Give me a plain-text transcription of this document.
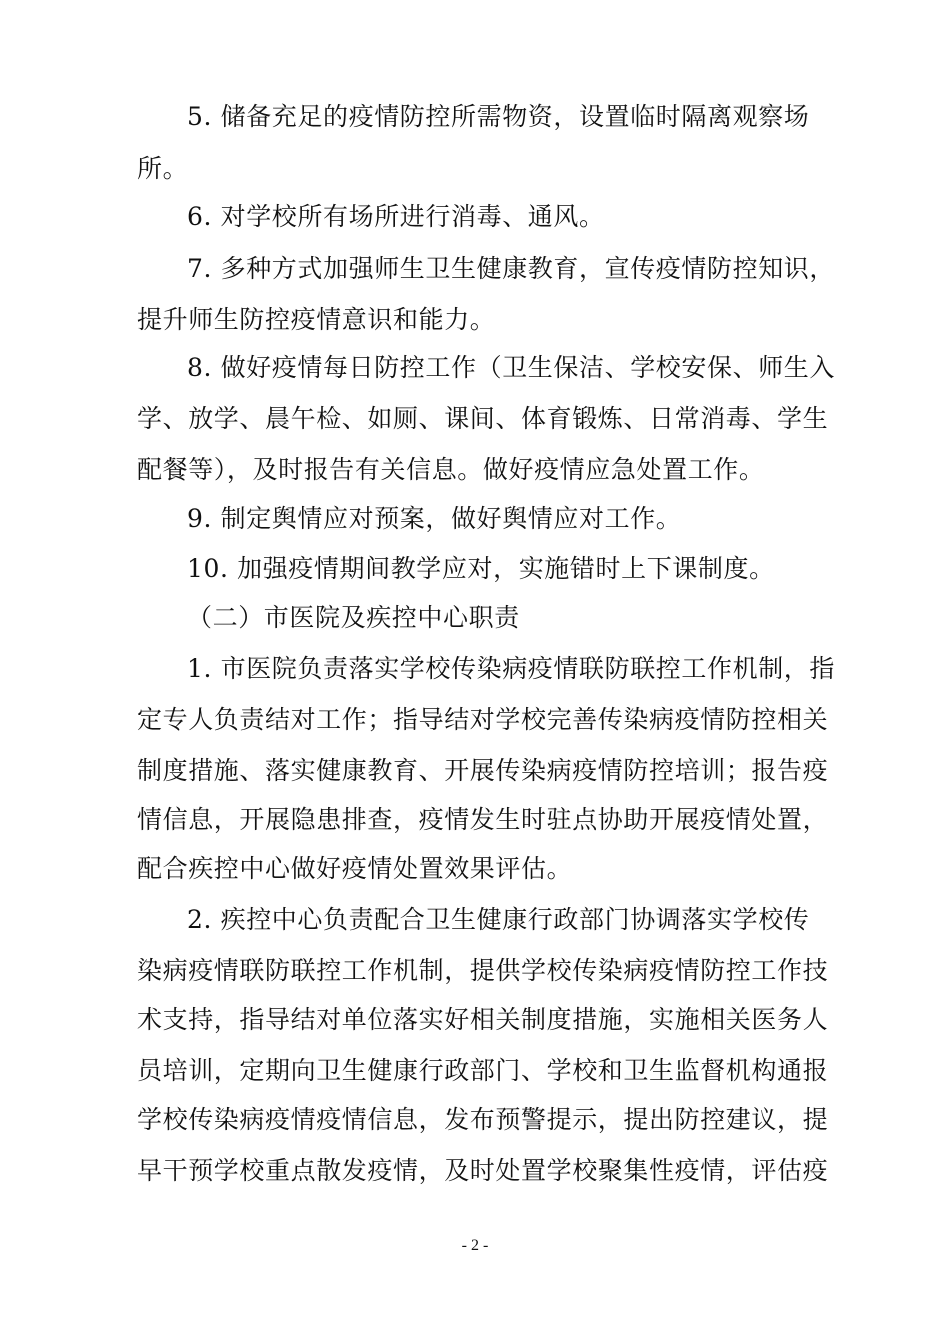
5. 储备充足的疫情防控所需物资，设置临时隔离观察场
所。
6. 对学校所有场所进行消毒、通风。
7. 多种方式加强师生卫生健康教育，宣传疫情防控知识，
提升师生防控疫情意识和能力。
8. 做好疫情每日防控工作（卫生保洁、学校安保、师生入
学、放学、晨午检、如厕、课间、体育锻炼、日常消毒、学生
配餐等），及时报告有关信息。做好疫情应急处置工作。
9. 制定舆情应对预案，做好舆情应对工作。
10. 加强疫情期间教学应对，实施错时上下课制度。
（二）市医院及疾控中心职责
1. 市医院负责落实学校传染病疫情联防联控工作机制，指
定专人负责结对工作；指导结对学校完善传染病疫情防控相关
制度措施、落实健康教育、开展传染病疫情防控培训；报告疫
情信息，开展隐患排查，疫情发生时驻点协助开展疫情处置，
配合疾控中心做好疫情处置效果评估。
2. 疾控中心负责配合卫生健康行政部门协调落实学校传
染病疫情联防联控工作机制，提供学校传染病疫情防控工作技
术支持，指导结对单位落实好相关制度措施，实施相关医务人
员培训，定期向卫生健康行政部门、学校和卫生监督机构通报
学校传染病疫情疫情信息，发布预警提示，提出防控建议，提
早干预学校重点散发疫情，及时处置学校聚集性疫情，评估疫
- 2 -
